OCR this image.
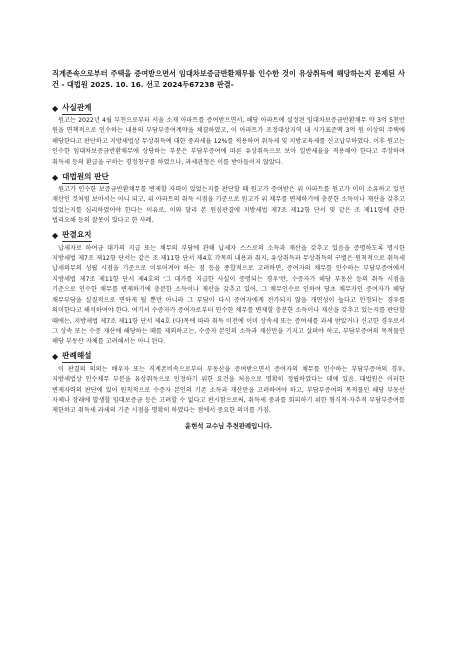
직계존속으로부터 주택을 증여받으면서 임대차보증금반환채무를 인수한 것이 유상취득에 해당하는지 문제된 사건 - 대법원 2025. 10. 16. 선고 2024두67238 판결-

◆ 사실관계

원고는 2022년 4월 부친으로부터 서울 소재 아파트를 증여받으면서, 해당 아파트에 설정된 임대차보증금반환채무 약 3억 5천만 원을 면책적으로 인수하는 내용의 부담부증여계약을 체결하였고, 이 아파트가 조정대상지역 내 시가표준액 3억 원 이상의 주택에 해당한다고 판단하고 지방세법상 무상취득에 대한 중과세율 12%를 적용하여 취득세 및 지방교육세를 신고납부하였다. 이후 원고는 인수한 임대차보증금반환채무에 상당하는 부분은 부담부증여에 따른 유상취득으로 보아 일반세율을 적용해야 한다고 주장하며 취득세 등의 환급을 구하는 경정청구를 하였으나, 과세관청은 이를 받아들이지 않았다.

◆ 대법원의 판단

원고가 인수한 보증금반환채무를 변제할 자력이 있었는지를 판단할 때 원고가 증여받은 위 아파트를 원고가 이미 소유하고 있던 재산인 것처럼 보아서는 아니 되고, 위 아파트의 취득 시점을 기준으로 원고가 위 채무를 변제하기에 충분한 소득이나 재산을 갖추고 있었는지를 심리하였어야 한다는 이유로, 이와 달리 본 원심판결에 지방세법 제7조 제12항 단서 및 같은 조 제11항에 관한 법리오해 등의 잘못이 있다고 한 사례.

◆ 판결요지

납세자로 하여금 대가의 지급 또는 채무의 부담에 관해 납세자 스스로의 소득과 재산을 갖추고 있음을 증명하도록 명시한 지방세법 제7조 제12항 단서는 같은 조 제11항 단서 제4호 각목의 내용과 취지, 유상취득과 무상취득의 구별은 원칙적으로 취득세 납세의무의 성립 시점을 기준으로 이루어져야 하는 점 등을 종합적으로 고려하면, 증여자의 채무를 인수하는 부담부증여에서 지방세법 제7조 제11항 단서 제4호의 '그 대가를 지급한 사실이 증명되는 경우'란, 수증자가 해당 부동산 등의 취득 시점을 기준으로 인수한 채무를 변제하기에 충분한 소득이나 재산을 갖추고 있어, 그 채무인수로 인하여 당초 채무자인 증여자가 해당 채무부담을 실질적으로 면하게 될 뿐만 아니라 그 부담이 다시 증여자에게 전가되지 않을 개연성이 높다고 인정되는 경우를 의미한다고 해석하여야 한다. 여기서 수증자가 증여자로부터 인수한 채무를 변제할 충분한 소득이나 재산을 갖추고 있는지를 판단할 때에는, 지방세법 제7조 제11항 단서 제4호 (다)목에 따라 취득 이전에 이미 상속세 또는 증여세를 과세 받았거나 신고한 경우로서 그 상속 또는 수증 재산에 해당하는 때를 제외하고는, 수증자 본인의 소득과 재산만을 기지고 살펴야 하고, 부담부증여의 목적물인 해당 부동산 자체를 고려해서는 아니 된다.

◆ 판례해설

이 판결의 의의는 배우자 또는 직계존비속으로부터 부동산을 증여받으면서 증여자의 채무를 인수하는 부담부증여의 경우, 지방세법상 인수채무 부분을 유상취득으로 인정하기 위한 요건을 처음으로 명확히 정립하였다는 데에 있음. 대법원은 이러한 변제자력의 판단에 있어 원칙적으로 수증자 본인의 기존 소득과 재산만을 고려하여야 하고, 부담부증여의 목적물인 해당 부동산 자체나 장래에 발생할 임대보증금 등은 고려할 수 없다고 판시함으로써, 취득세 중과를 회피하기 위한 형식적·자추적 부담부증여를 제한하고 취득세 과세의 기준 시점을 명확히 하였다는 점에서 중요한 의미를 가짐.

윤현석 교수님 추천판례입니다.
